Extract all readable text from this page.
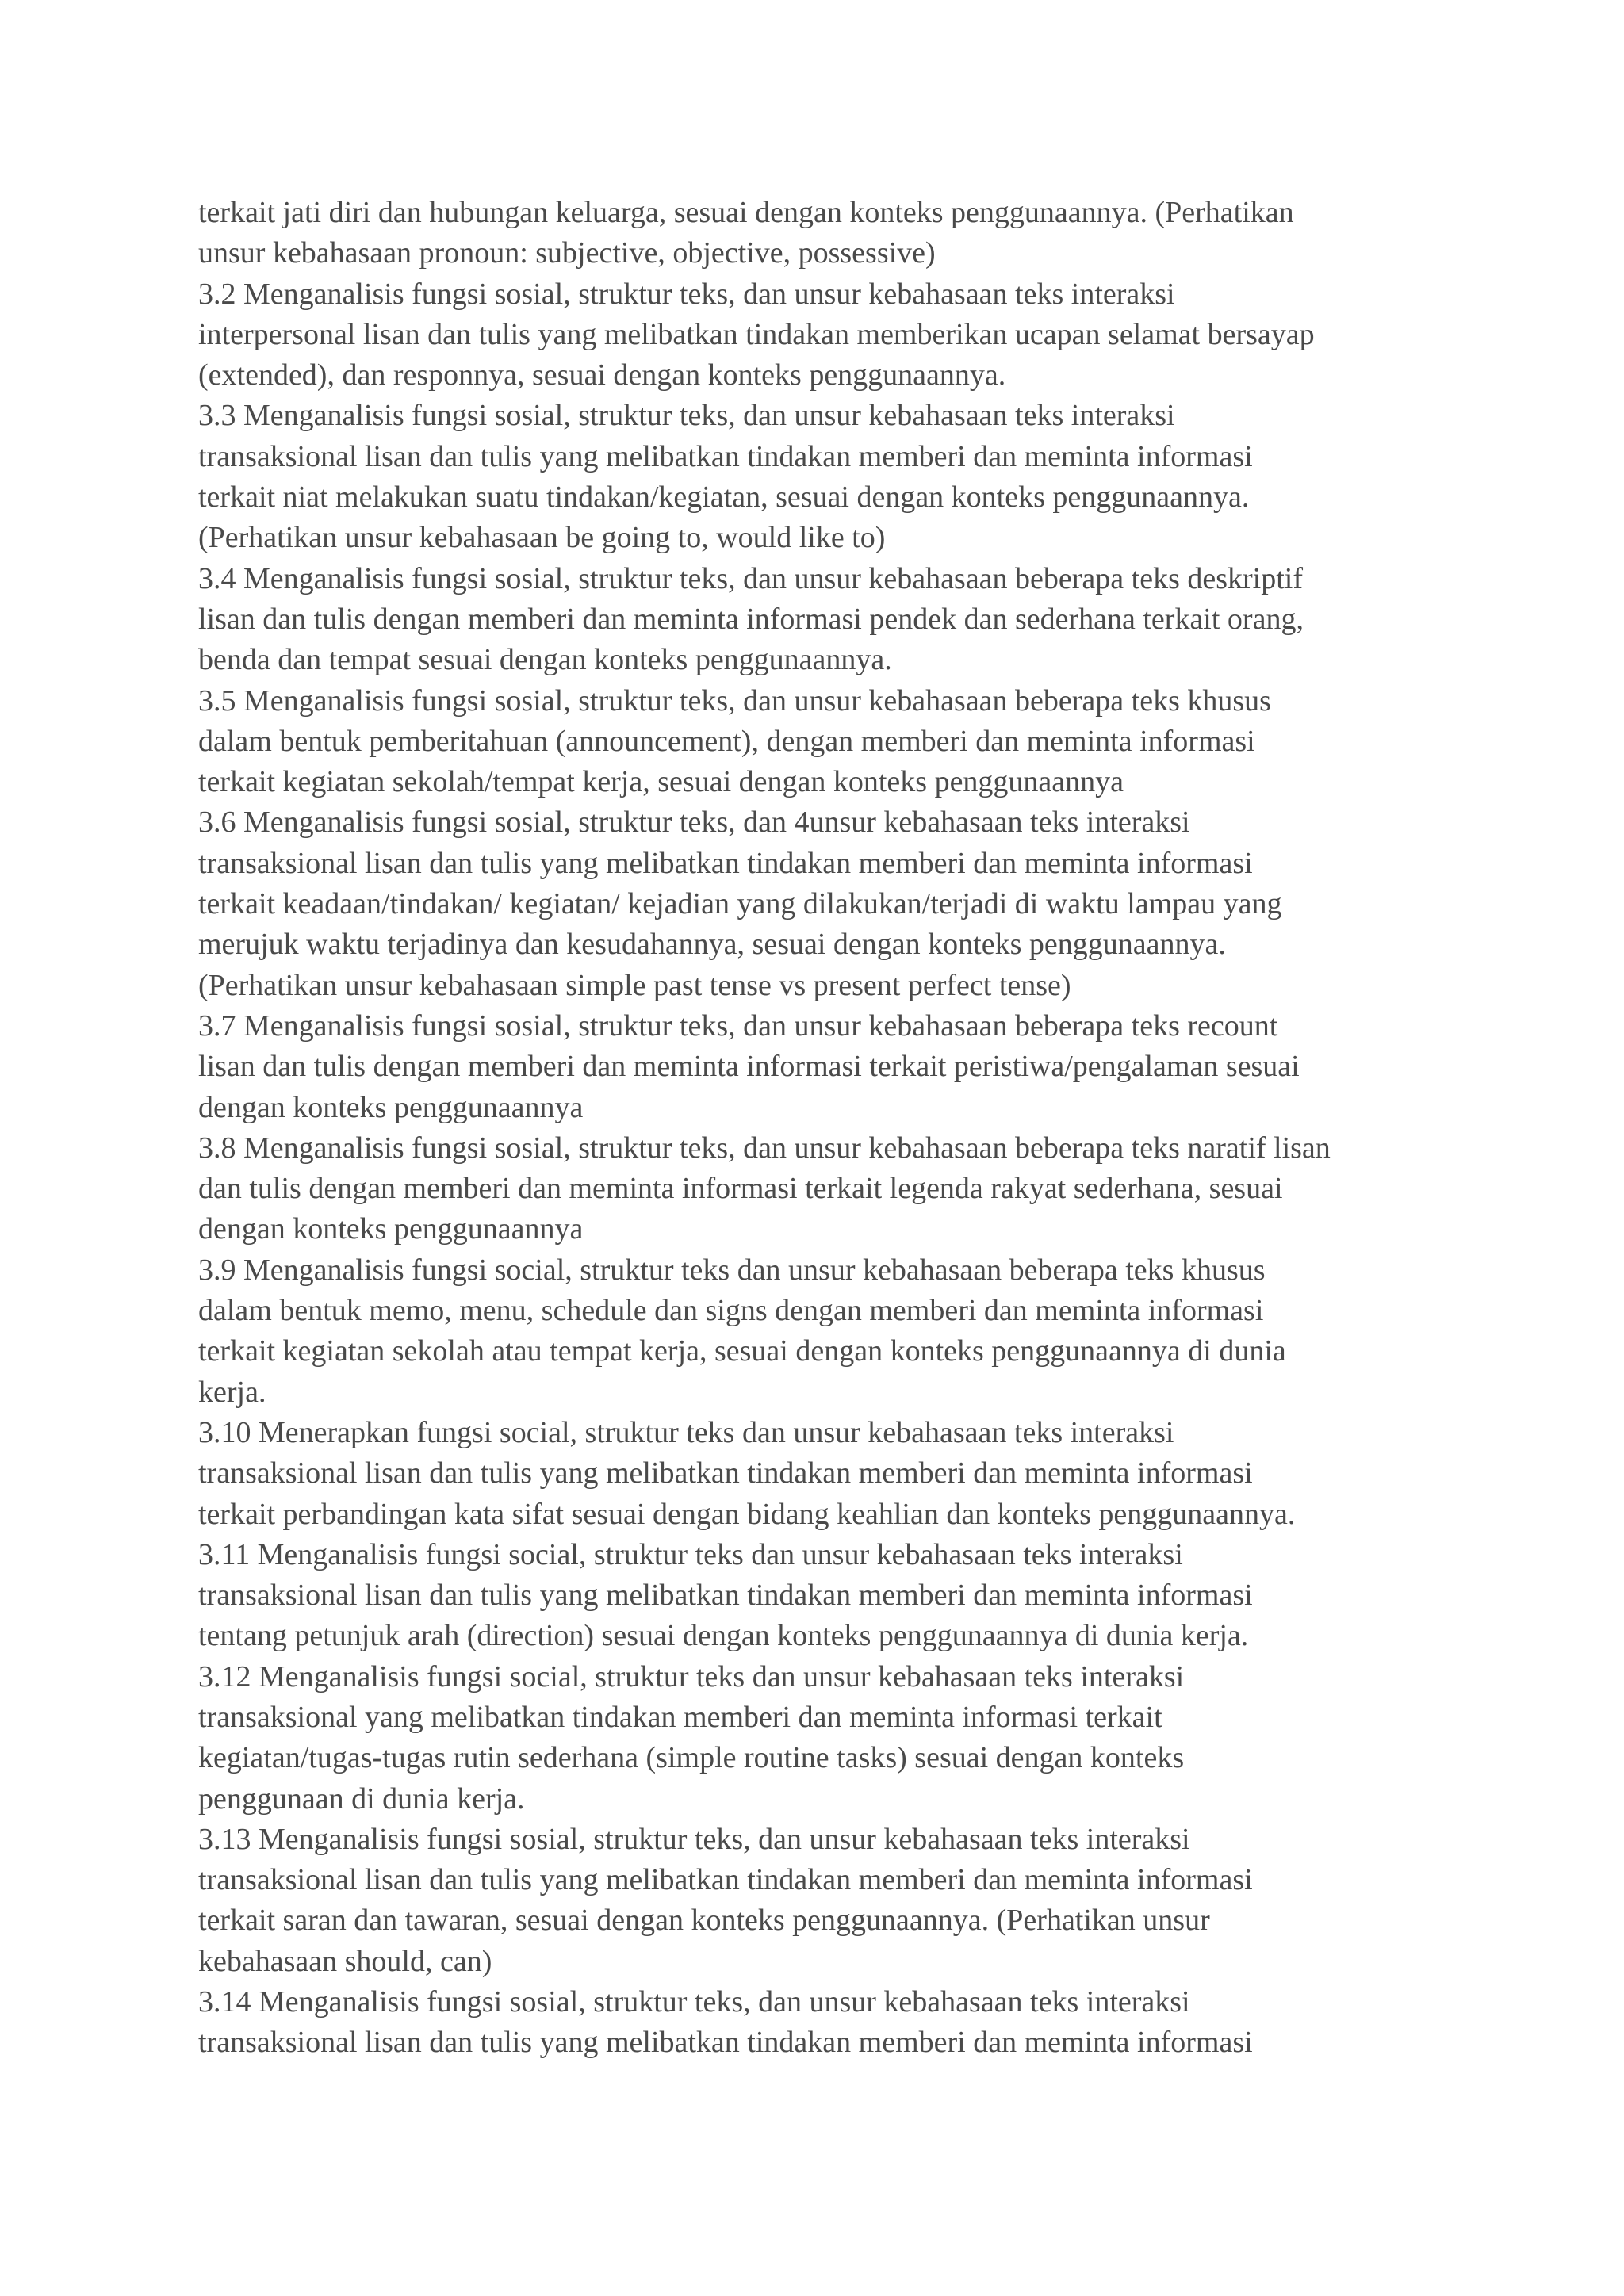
terkait jati diri dan hubungan keluarga, sesuai dengan konteks penggunaannya. (Perhatikan
unsur kebahasaan pronoun: subjective, objective, possessive)
3.2 Menganalisis fungsi sosial, struktur teks, dan unsur kebahasaan teks interaksi
interpersonal lisan dan tulis yang melibatkan tindakan memberikan ucapan selamat bersayap
(extended), dan responnya, sesuai dengan konteks penggunaannya.
3.3 Menganalisis fungsi sosial, struktur teks, dan unsur kebahasaan teks interaksi
transaksional lisan dan tulis yang melibatkan tindakan memberi dan meminta informasi
terkait niat melakukan suatu tindakan/kegiatan, sesuai dengan konteks penggunaannya.
(Perhatikan unsur kebahasaan be going to, would like to)
3.4 Menganalisis fungsi sosial, struktur teks, dan unsur kebahasaan beberapa teks deskriptif
lisan dan tulis dengan memberi dan meminta informasi pendek dan sederhana terkait orang,
benda dan tempat sesuai dengan konteks penggunaannya.
3.5 Menganalisis fungsi sosial, struktur teks, dan unsur kebahasaan beberapa teks khusus
dalam bentuk pemberitahuan (announcement), dengan memberi dan meminta informasi
terkait kegiatan sekolah/tempat kerja, sesuai dengan konteks penggunaannya
3.6 Menganalisis fungsi sosial, struktur teks, dan 4unsur kebahasaan teks interaksi
transaksional lisan dan tulis yang melibatkan tindakan memberi dan meminta informasi
terkait keadaan/tindakan/ kegiatan/ kejadian yang dilakukan/terjadi di waktu lampau yang
merujuk waktu terjadinya dan kesudahannya, sesuai dengan konteks penggunaannya.
(Perhatikan unsur kebahasaan simple past tense vs present perfect tense)
3.7 Menganalisis fungsi sosial, struktur teks, dan unsur kebahasaan beberapa teks recount
lisan dan tulis dengan memberi dan meminta informasi terkait peristiwa/pengalaman sesuai
dengan konteks penggunaannya
3.8 Menganalisis fungsi sosial, struktur teks, dan unsur kebahasaan beberapa teks naratif lisan
dan tulis dengan memberi dan meminta informasi terkait legenda rakyat sederhana, sesuai
dengan konteks penggunaannya
3.9 Menganalisis fungsi social, struktur teks dan unsur kebahasaan beberapa teks khusus
dalam bentuk memo, menu, schedule dan signs dengan memberi dan meminta informasi
terkait kegiatan sekolah atau tempat kerja, sesuai dengan konteks penggunaannya di dunia
kerja.
3.10 Menerapkan fungsi social, struktur teks dan unsur kebahasaan teks interaksi
transaksional lisan dan tulis yang melibatkan tindakan memberi dan meminta informasi
terkait perbandingan kata sifat sesuai dengan bidang keahlian dan konteks penggunaannya.
3.11 Menganalisis fungsi social, struktur teks dan unsur kebahasaan teks interaksi
transaksional lisan dan tulis yang melibatkan tindakan memberi dan meminta informasi
tentang petunjuk arah (direction) sesuai dengan konteks penggunaannya di dunia kerja.
3.12 Menganalisis fungsi social, struktur teks dan unsur kebahasaan teks interaksi
transaksional yang melibatkan tindakan memberi dan meminta informasi terkait
kegiatan/tugas-tugas rutin sederhana (simple routine tasks) sesuai dengan konteks
penggunaan di dunia kerja.
3.13 Menganalisis fungsi sosial, struktur teks, dan unsur kebahasaan teks interaksi
transaksional lisan dan tulis yang melibatkan tindakan memberi dan meminta informasi
terkait saran dan tawaran, sesuai dengan konteks penggunaannya. (Perhatikan unsur
kebahasaan should, can)
3.14 Menganalisis fungsi sosial, struktur teks, dan unsur kebahasaan teks interaksi
transaksional lisan dan tulis yang melibatkan tindakan memberi dan meminta informasi
